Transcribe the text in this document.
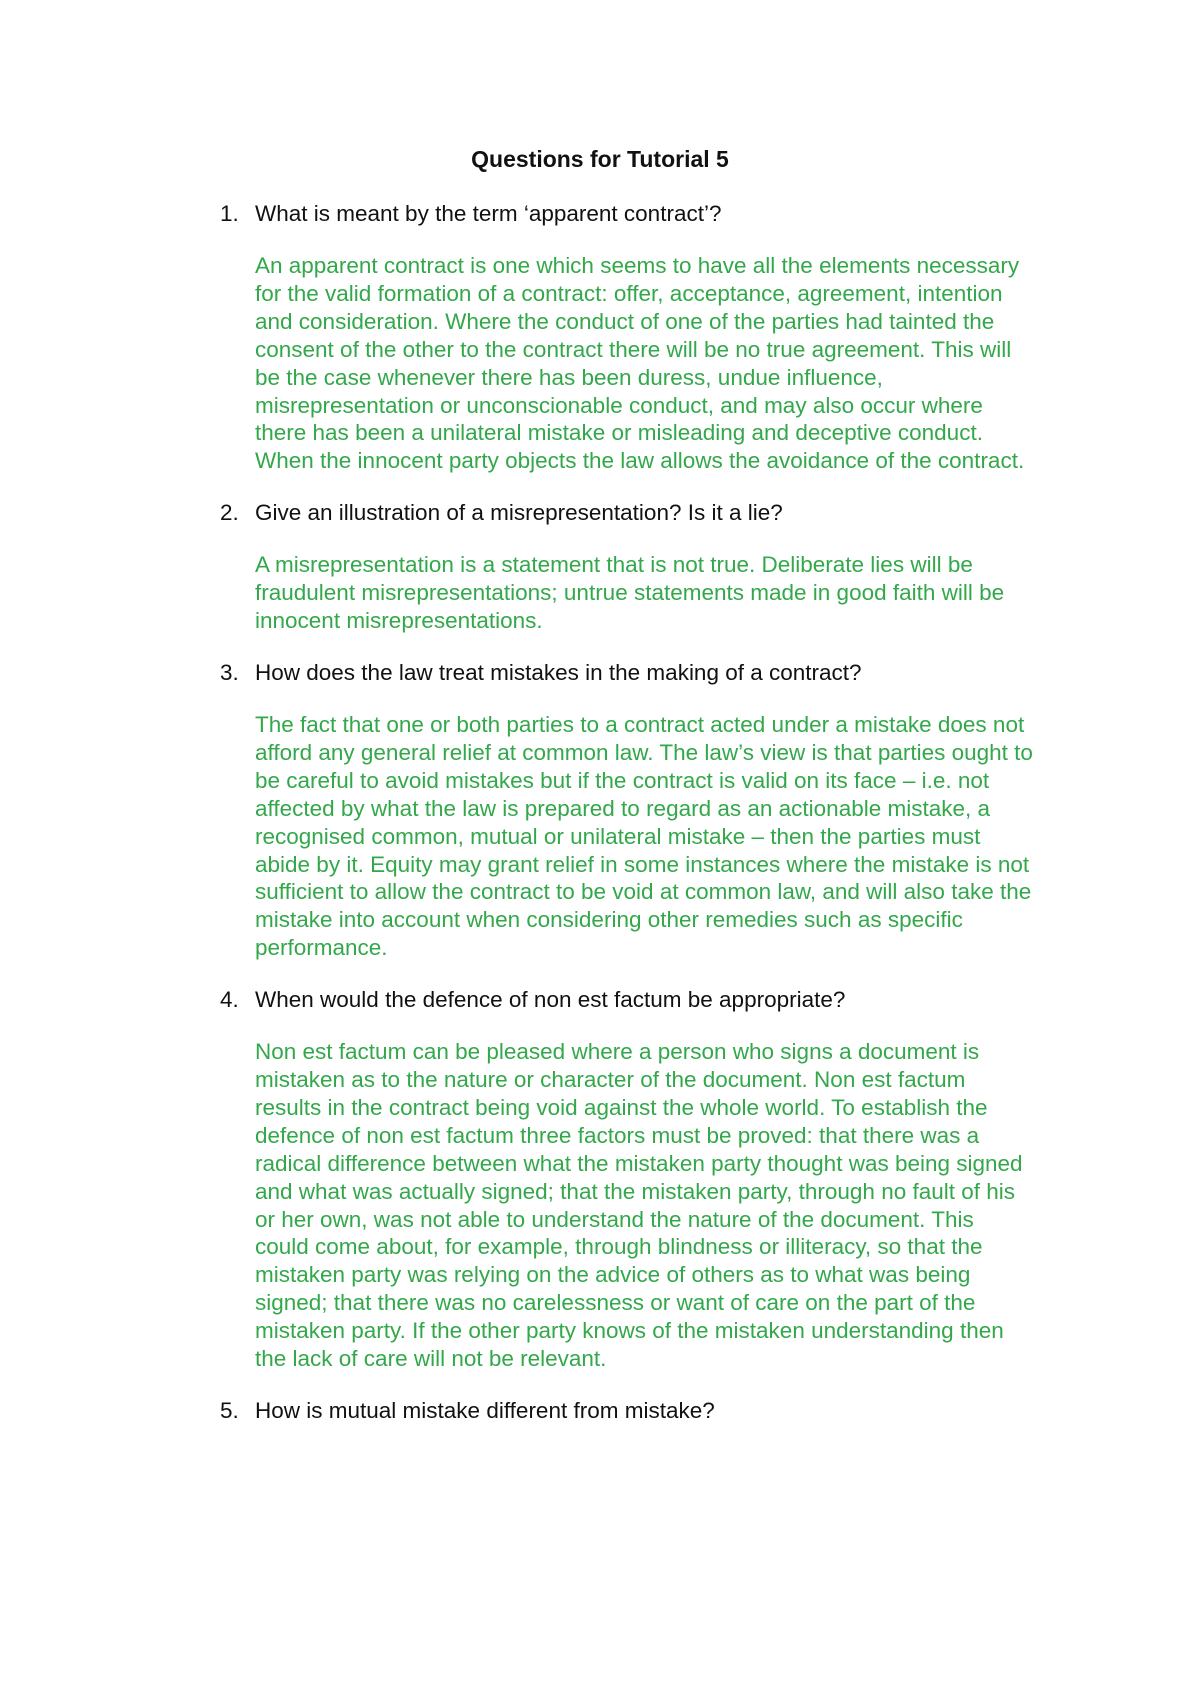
Questions for Tutorial 5
1. What is meant by the term ‘apparent contract’?

An apparent contract is one which seems to have all the elements necessary for the valid formation of a contract: offer, acceptance, agreement, intention and consideration. Where the conduct of one of the parties had tainted the consent of the other to the contract there will be no true agreement. This will be the case whenever there has been duress, undue influence, misrepresentation or unconscionable conduct, and may also occur where there has been a unilateral mistake or misleading and deceptive conduct. When the innocent party objects the law allows the avoidance of the contract.

2. Give an illustration of a misrepresentation? Is it a lie?

A misrepresentation is a statement that is not true. Deliberate lies will be fraudulent misrepresentations; untrue statements made in good faith will be innocent misrepresentations.

3. How does the law treat mistakes in the making of a contract?

The fact that one or both parties to a contract acted under a mistake does not afford any general relief at common law. The law’s view is that parties ought to be careful to avoid mistakes but if the contract is valid on its face – i.e. not affected by what the law is prepared to regard as an actionable mistake, a recognised common, mutual or unilateral mistake – then the parties must abide by it. Equity may grant relief in some instances where the mistake is not sufficient to allow the contract to be void at common law, and will also take the mistake into account when considering other remedies such as specific performance.

4. When would the defence of non est factum be appropriate?

Non est factum can be pleased where a person who signs a document is mistaken as to the nature or character of the document. Non est factum results in the contract being void against the whole world. To establish the defence of non est factum three factors must be proved: that there was a radical difference between what the mistaken party thought was being signed and what was actually signed; that the mistaken party, through no fault of his or her own, was not able to understand the nature of the document. This could come about, for example, through blindness or illiteracy, so that the mistaken party was relying on the advice of others as to what was being signed; that there was no carelessness or want of care on the part of the mistaken party. If the other party knows of the mistaken understanding then the lack of care will not be relevant.

5. How is mutual mistake different from mistake?
